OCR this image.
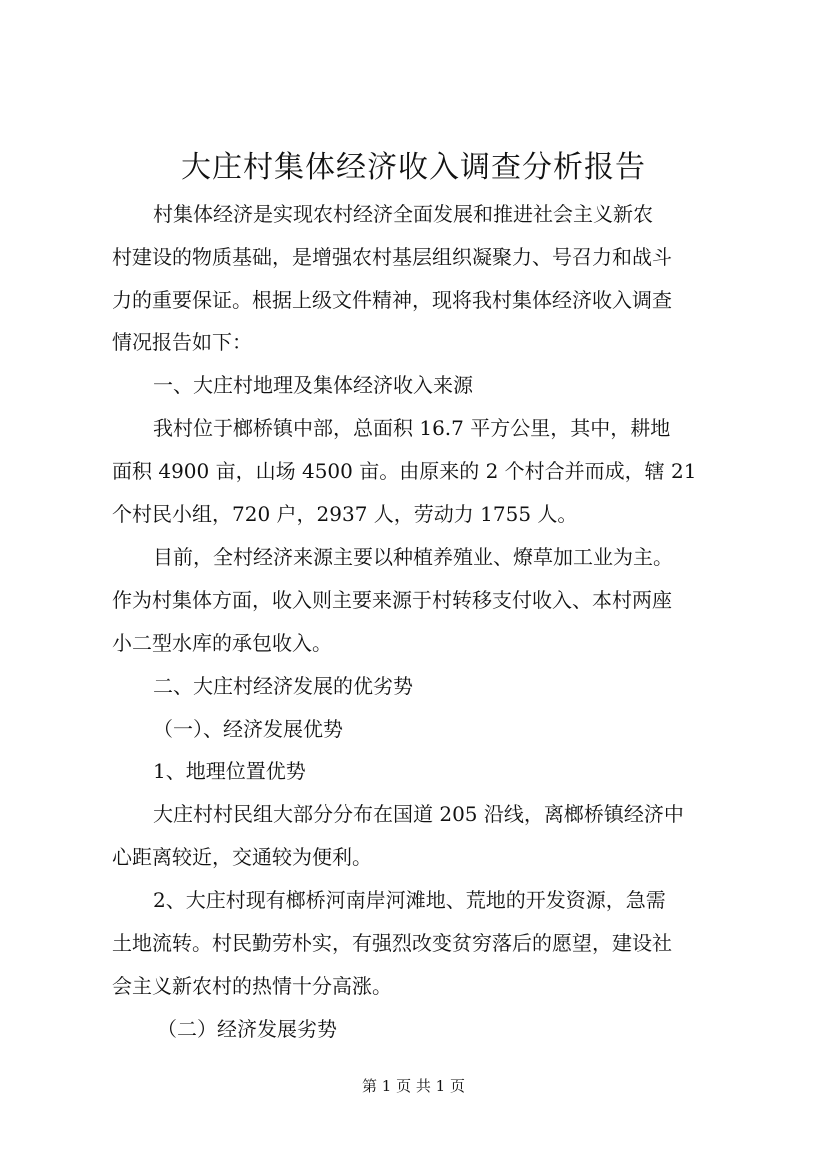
大庄村集体经济收入调查分析报告

村集体经济是实现农村经济全面发展和推进社会主义新农

村建设的物质基础，是增强农村基层组织凝聚力、号召力和战斗

力的重要保证。根据上级文件精神，现将我村集体经济收入调查

情况报告如下：

一、大庄村地理及集体经济收入来源

我村位于榔桥镇中部，总面积 16.7 平方公里，其中，耕地

面积 4900 亩，山场 4500 亩。由原来的 2 个村合并而成，辖 21

个村民小组，720 户，2937 人，劳动力 1755 人。

目前，全村经济来源主要以种植养殖业、燎草加工业为主。

作为村集体方面，收入则主要来源于村转移支付收入、本村两座

小二型水库的承包收入。

二、大庄村经济发展的优劣势

（一）、经济发展优势

1、地理位置优势

大庄村村民组大部分分布在国道 205 沿线，离榔桥镇经济中

心距离较近，交通较为便利。

2、大庄村现有榔桥河南岸河滩地、荒地的开发资源，急需

土地流转。村民勤劳朴实，有强烈改变贫穷落后的愿望，建设社

会主义新农村的热情十分高涨。

（二）经济发展劣势

第 1 页 共 1 页
